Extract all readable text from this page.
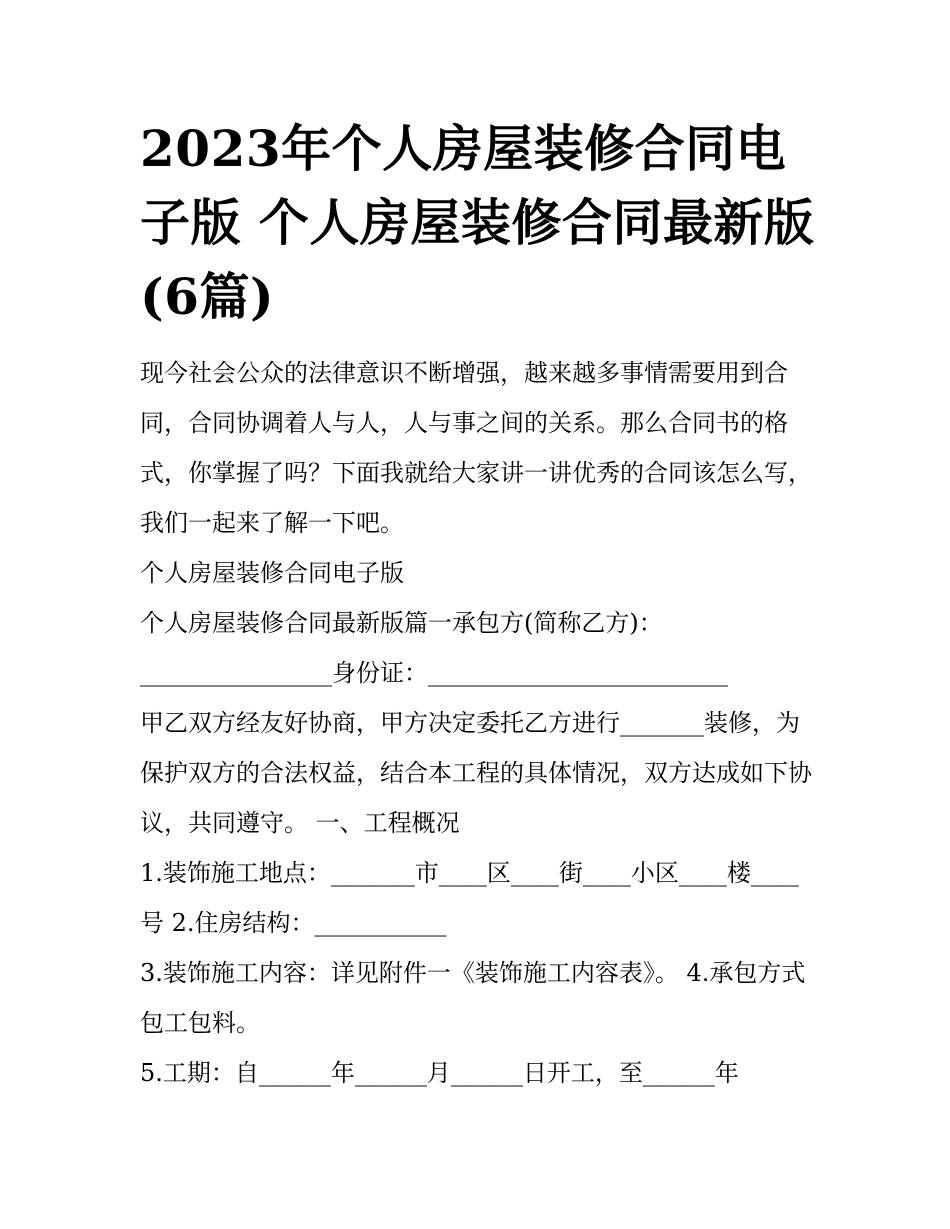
2023年个人房屋装修合同电子版 个人房屋装修合同最新版(6篇)

现今社会公众的法律意识不断增强，越来越多事情需要用到合同，合同协调着人与人，人与事之间的关系。那么合同书的格式，你掌握了吗？下面我就给大家讲一讲优秀的合同该怎么写，我们一起来了解一下吧。

个人房屋装修合同电子版

个人房屋装修合同最新版篇一承包方(简称乙方)：

________________身份证：_________________________

甲乙双方经友好协商，甲方决定委托乙方进行_______装修，为保护双方的合法权益，结合本工程的具体情况，双方达成如下协议，共同遵守。 一、工程概况

1.装饰施工地点：_______市____区____街____小区____楼____号 2.住房结构：___________

3.装饰施工内容：详见附件一《装饰施工内容表》。 4.承包方式包工包料。

5.工期：自______年______月______日开工，至______年
